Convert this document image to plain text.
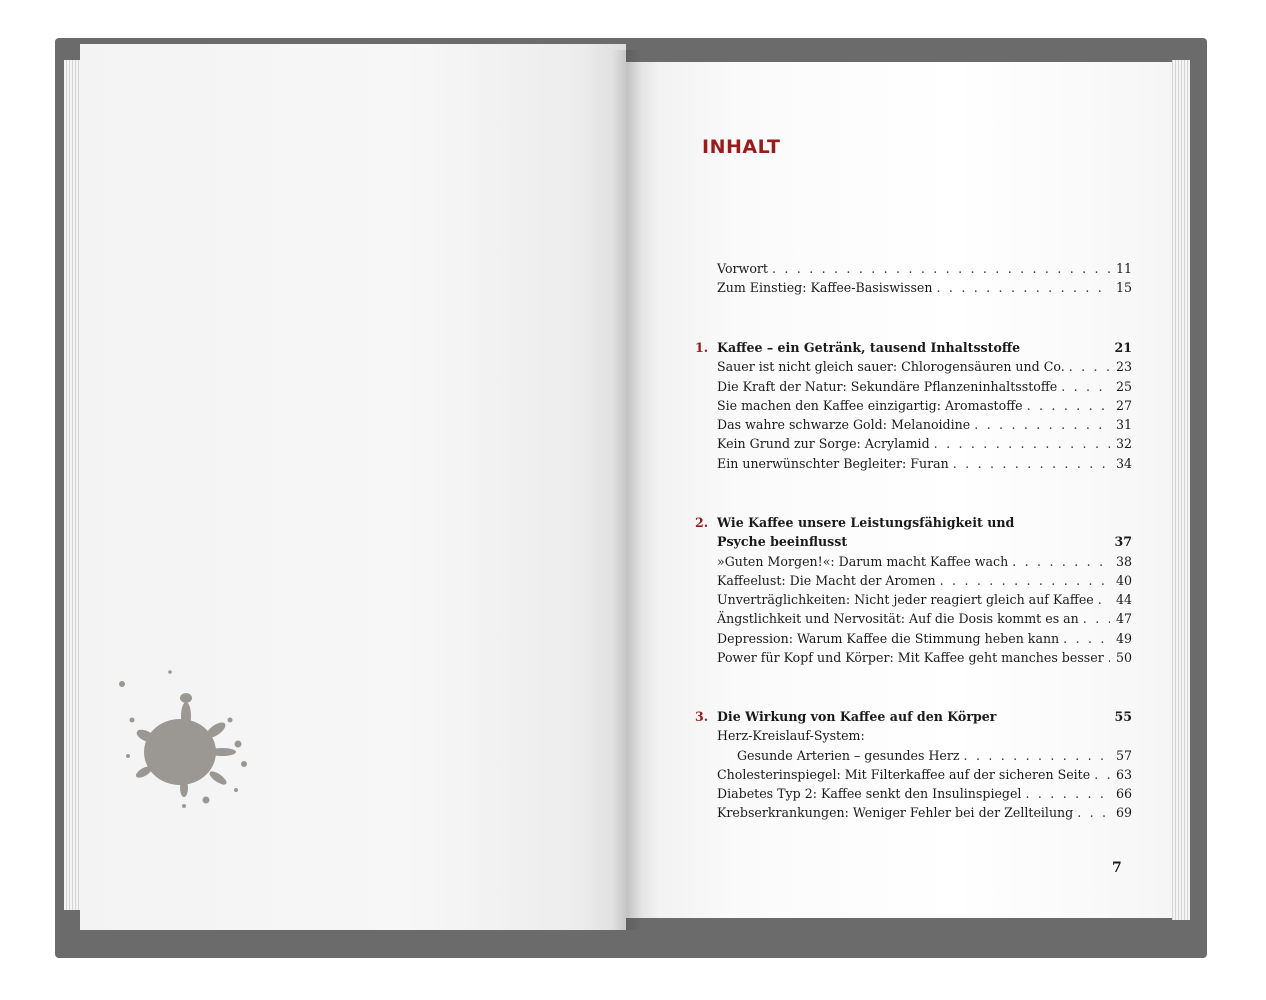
INHALT
Vorwort . . .	11
Zum Einstieg: Kaffee-Basiswissen . . .	15
1. Kaffee – ein Getränk, tausend Inhaltsstoffe	21
Sauer ist nicht gleich sauer: Chlorogensäuren und Co. . . .	23
Die Kraft der Natur: Sekundäre Pflanzeninhaltsstoffe . . .	25
Sie machen den Kaffee einzigartig: Aromastoffe . . .	27
Das wahre schwarze Gold: Melanoidine . . .	31
Kein Grund zur Sorge: Acrylamid . . .	32
Ein unerwünschter Begleiter: Furan . . .	34
2. Wie Kaffee unsere Leistungsfähigkeit und
Psyche beeinflusst	37
»Guten Morgen!«: Darum macht Kaffee wach . . .	38
Kaffeelust: Die Macht der Aromen . . .	40
Unverträglichkeiten: Nicht jeder reagiert gleich auf Kaffee . . . 44
Ängstlichkeit und Nervosität: Auf die Dosis kommt es an . . .	47
Depression: Warum Kaffee die Stimmung heben kann . . .	49
Power für Kopf und Körper: Mit Kaffee geht manches besser . . . 50
3. Die Wirkung von Kaffee auf den Körper	55
Herz-Kreislauf-System:
Gesunde Arterien – gesundes Herz . . .	57
Cholesterinspiegel: Mit Filterkaffee auf der sicheren Seite . . . 63
Diabetes Typ 2: Kaffee senkt den Insulinspiegel . . .	66
Krebserkrankungen: Weniger Fehler bei der Zellteilung . . .	69
7
